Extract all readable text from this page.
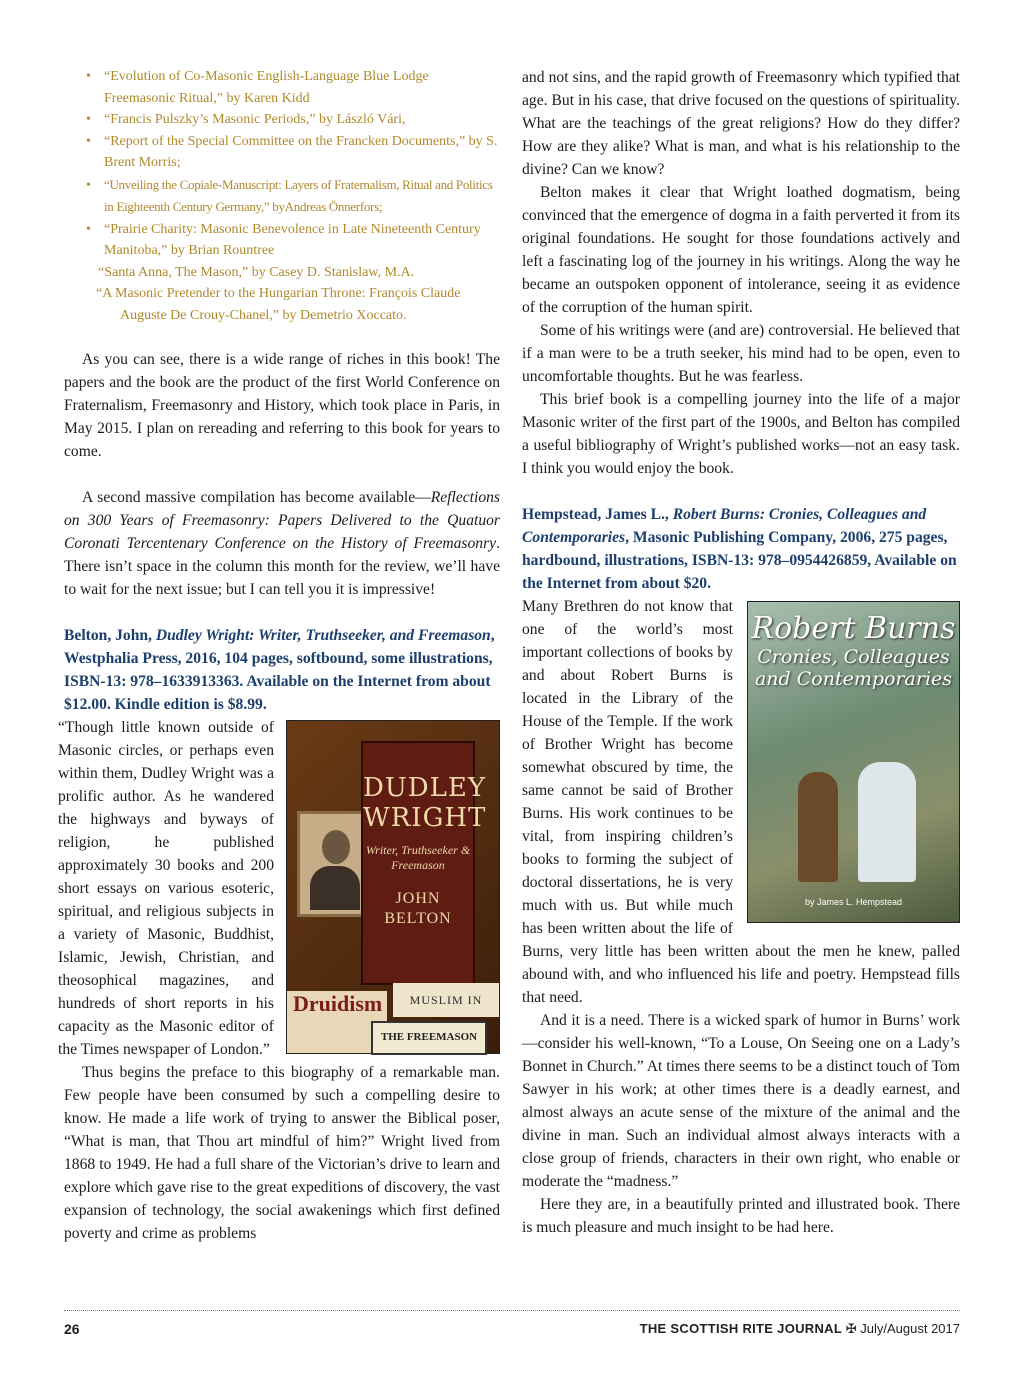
• “Evolution of Co-Masonic English-Language Blue Lodge Freemasonic Ritual,” by Karen Kidd
• “Francis Pulszky’s Masonic Periods,” by László Vári,
• “Report of the Special Committee on the Francken Documents,” by S. Brent Morris;
• “Unveiling the Copiale-Manuscript: Layers of Fraternalism, Ritual and Politics in Eighteenth Century Germany,” byAndreas Önnerfors;
• “Prairie Charity: Masonic Benevolence in Late Nineteenth Century Manitoba,” by Brian Rountree
“Santa Anna, The Mason,” by Casey D. Stanislaw, M.A.
“A Masonic Pretender to the Hungarian Throne: François Claude Auguste De Crouy-Chanel,” by Demetrio Xoccato.

As you can see, there is a wide range of riches in this book! The papers and the book are the product of the first World Conference on Fraternalism, Freemasonry and History, which took place in Paris, in May 2015. I plan on rereading and referring to this book for years to come.

A second massive compilation has become available—Reflections on 300 Years of Freemasonry: Papers Delivered to the Quatuor Coronati Tercentenary Conference on the History of Freemasonry. There isn’t space in the column this month for the review, we’ll have to wait for the next issue; but I can tell you it is impressive!

Belton, John, Dudley Wright: Writer, Truthseeker, and Freemason, Westphalia Press, 2016, 104 pages, softbound, some illustrations, ISBN-13: 978–1633913363. Available on the Internet from about $12.00. Kindle edition is $8.99.

DUDLEY
WRIGHT
Writer, Truthseeker & Freemason
JOHN BELTON
Druidism	MUSLIM IN
THE FREEMASON

“Though little known outside of Masonic circles, or perhaps even within them, Dudley Wright was a prolific author. As he wandered the highways and byways of religion, he published approximately 30 books and 200 short essays on various esoteric, spiritual, and religious subjects in a variety of Masonic, Buddhist, Islamic, Jewish, Christian, and theosophical magazines, and hundreds of short reports in his capacity as the Masonic editor of the Times newspaper of London.”

Thus begins the preface to this biography of a remarkable man. Few people have been consumed by such a compelling desire to know. He made a life work of trying to answer the Biblical poser, “What is man, that Thou art mindful of him?” Wright lived from 1868 to 1949. He had a full share of the Victorian’s drive to learn and explore which gave rise to the great expeditions of discovery, the vast expansion of technology, the social awakenings which first defined poverty and crime as problems

and not sins, and the rapid growth of Freemasonry which typified that age. But in his case, that drive focused on the questions of spirituality. What are the teachings of the great religions? How do they differ? How are they alike? What is man, and what is his relationship to the divine? Can we know?

Belton makes it clear that Wright loathed dogmatism, being convinced that the emergence of dogma in a faith perverted it from its original foundations. He sought for those foundations actively and left a fascinating log of the journey in his writings. Along the way he became an outspoken opponent of intolerance, seeing it as evidence of the corruption of the human spirit.

Some of his writings were (and are) controversial. He believed that if a man were to be a truth seeker, his mind had to be open, even to uncomfortable thoughts. But he was fearless.

This brief book is a compelling journey into the life of a major Masonic writer of the first part of the 1900s, and Belton has compiled a useful bibliography of Wright’s published works—not an easy task. I think you would enjoy the book.

Hempstead, James L., Robert Burns: Cronies, Colleagues and Contemporaries, Masonic Publishing Company, 2006, 275 pages, hardbound, illustrations, ISBN-13: 978–0954426859, Available on the Internet from about $20.

Robert Burns
Cronies, Colleagues
and Contemporaries
by James L. Hempstead

Many Brethren do not know that one of the world’s most important collections of books by and about Robert Burns is located in the Library of the House of the Temple. If the work of Brother Wright has become somewhat obscured by time, the same cannot be said of Brother Burns. His work continues to be vital, from inspiring children’s books to forming the subject of doctoral dissertations, he is very much with us. But while much has been written about the life of Burns, very little has been written about the men he knew, palled abound with, and who influenced his life and poetry. Hempstead fills that need.

And it is a need. There is a wicked spark of humor in Burns’ work—consider his well-known, “To a Louse, On Seeing one on a Lady’s Bonnet in Church.” At times there seems to be a distinct touch of Tom Sawyer in his work; at other times there is a deadly earnest, and almost always an acute sense of the mixture of the animal and the divine in man. Such an individual almost always interacts with a close group of friends, characters in their own right, who enable or moderate the “madness.”

Here they are, in a beautifully printed and illustrated book. There is much pleasure and much insight to be had here.

26	THE SCOTTISH RITE JOURNAL ✠ July/August 2017
